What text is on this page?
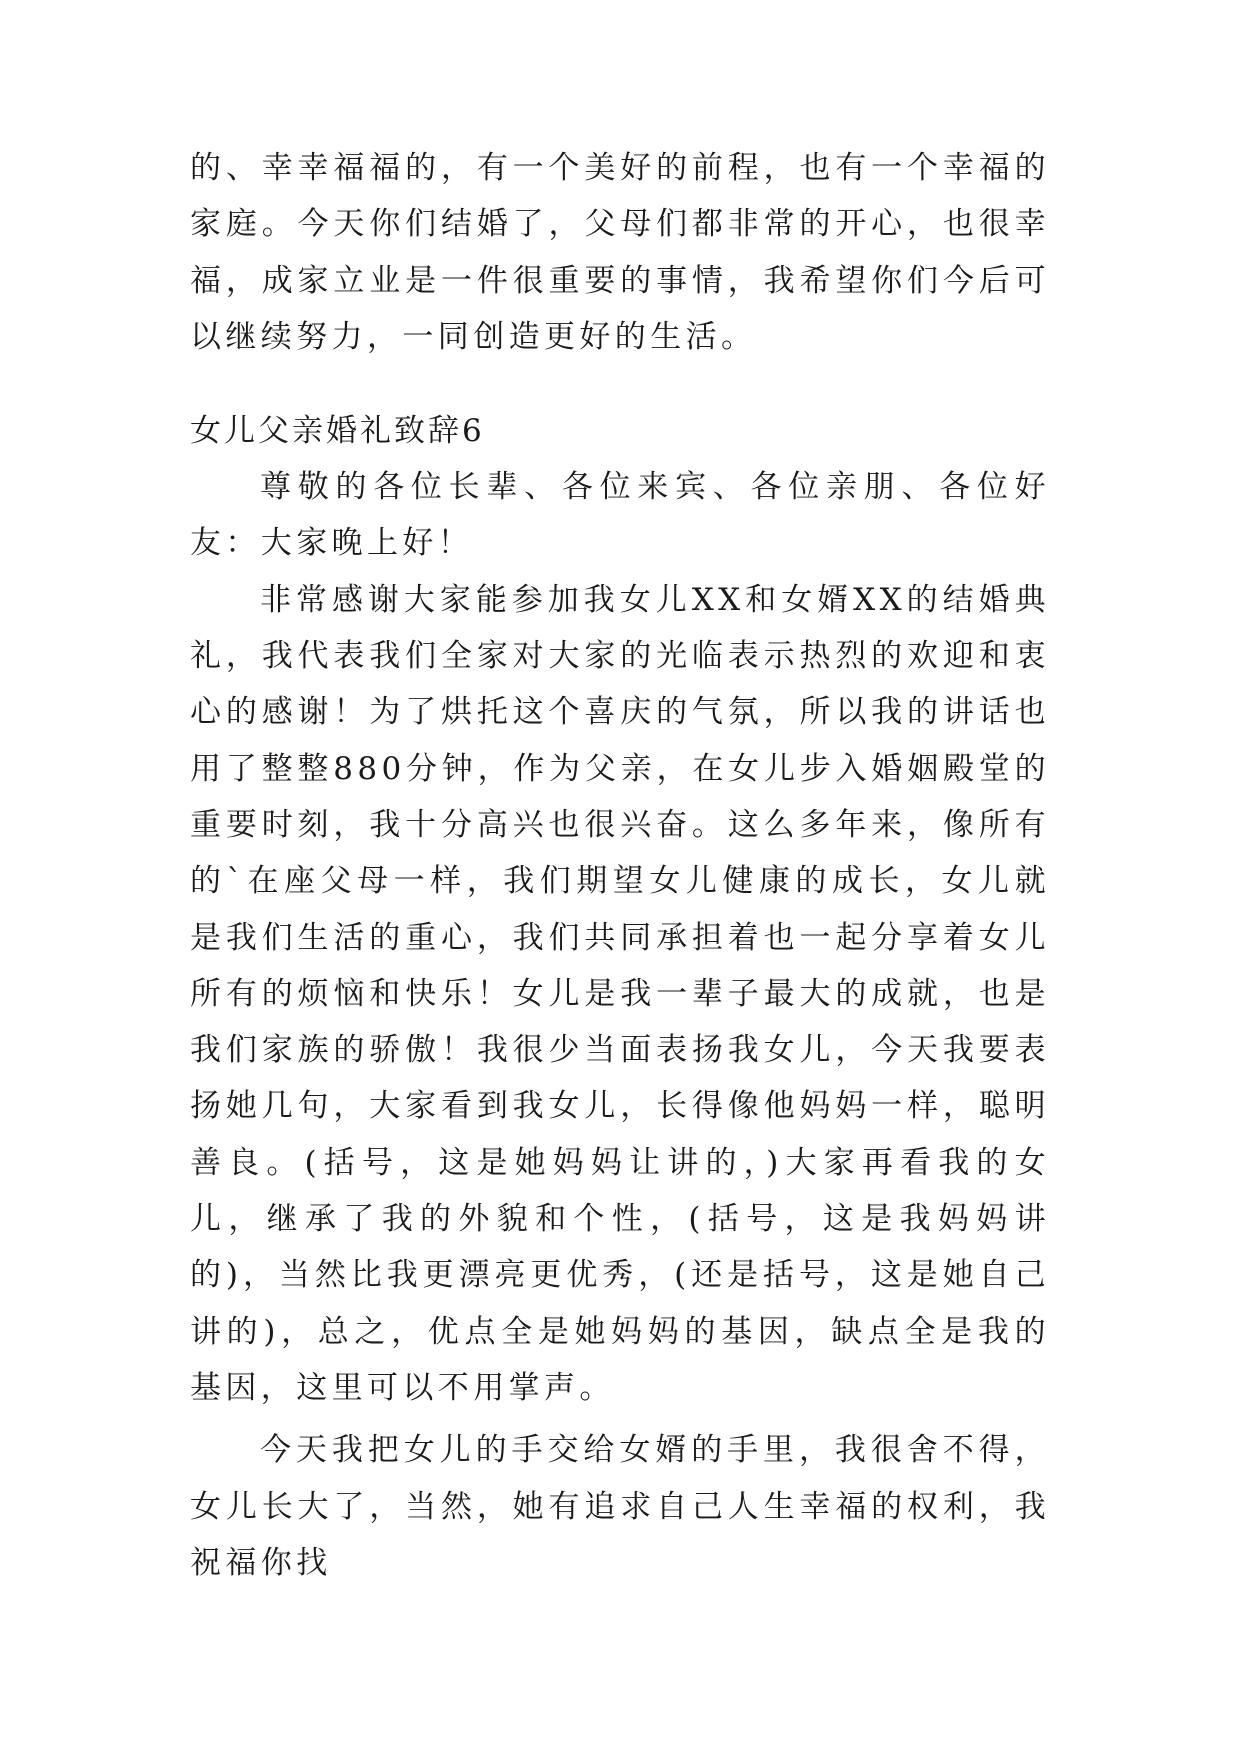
的、幸幸福福的，有一个美好的前程，也有一个幸福的家庭。今天你们结婚了，父母们都非常的开心，也很幸福，成家立业是一件很重要的事情，我希望你们今后可以继续努力，一同创造更好的生活。

女儿父亲婚礼致辞6

尊敬的各位长辈、各位来宾、各位亲朋、各位好友：大家晚上好！

非常感谢大家能参加我女儿XX和女婿XX的结婚典礼，我代表我们全家对大家的光临表示热烈的欢迎和衷心的感谢！为了烘托这个喜庆的气氛，所以我的讲话也用了整整880分钟，作为父亲，在女儿步入婚姻殿堂的重要时刻，我十分高兴也很兴奋。这么多年来，像所有的`在座父母一样，我们期望女儿健康的成长，女儿就是我们生活的重心，我们共同承担着也一起分享着女儿所有的烦恼和快乐！女儿是我一辈子最大的成就，也是我们家族的骄傲！我很少当面表扬我女儿，今天我要表扬她几句，大家看到我女儿，长得像他妈妈一样，聪明善良。(括号，这是她妈妈让讲的，)大家再看我的女儿，继承了我的外貌和个性，(括号，这是我妈妈讲的)，当然比我更漂亮更优秀，(还是括号，这是她自己讲的)，总之，优点全是她妈妈的基因，缺点全是我的基因，这里可以不用掌声。

今天我把女儿的手交给女婿的手里，我很舍不得，女儿长大了，当然，她有追求自己人生幸福的权利，我祝福你找
